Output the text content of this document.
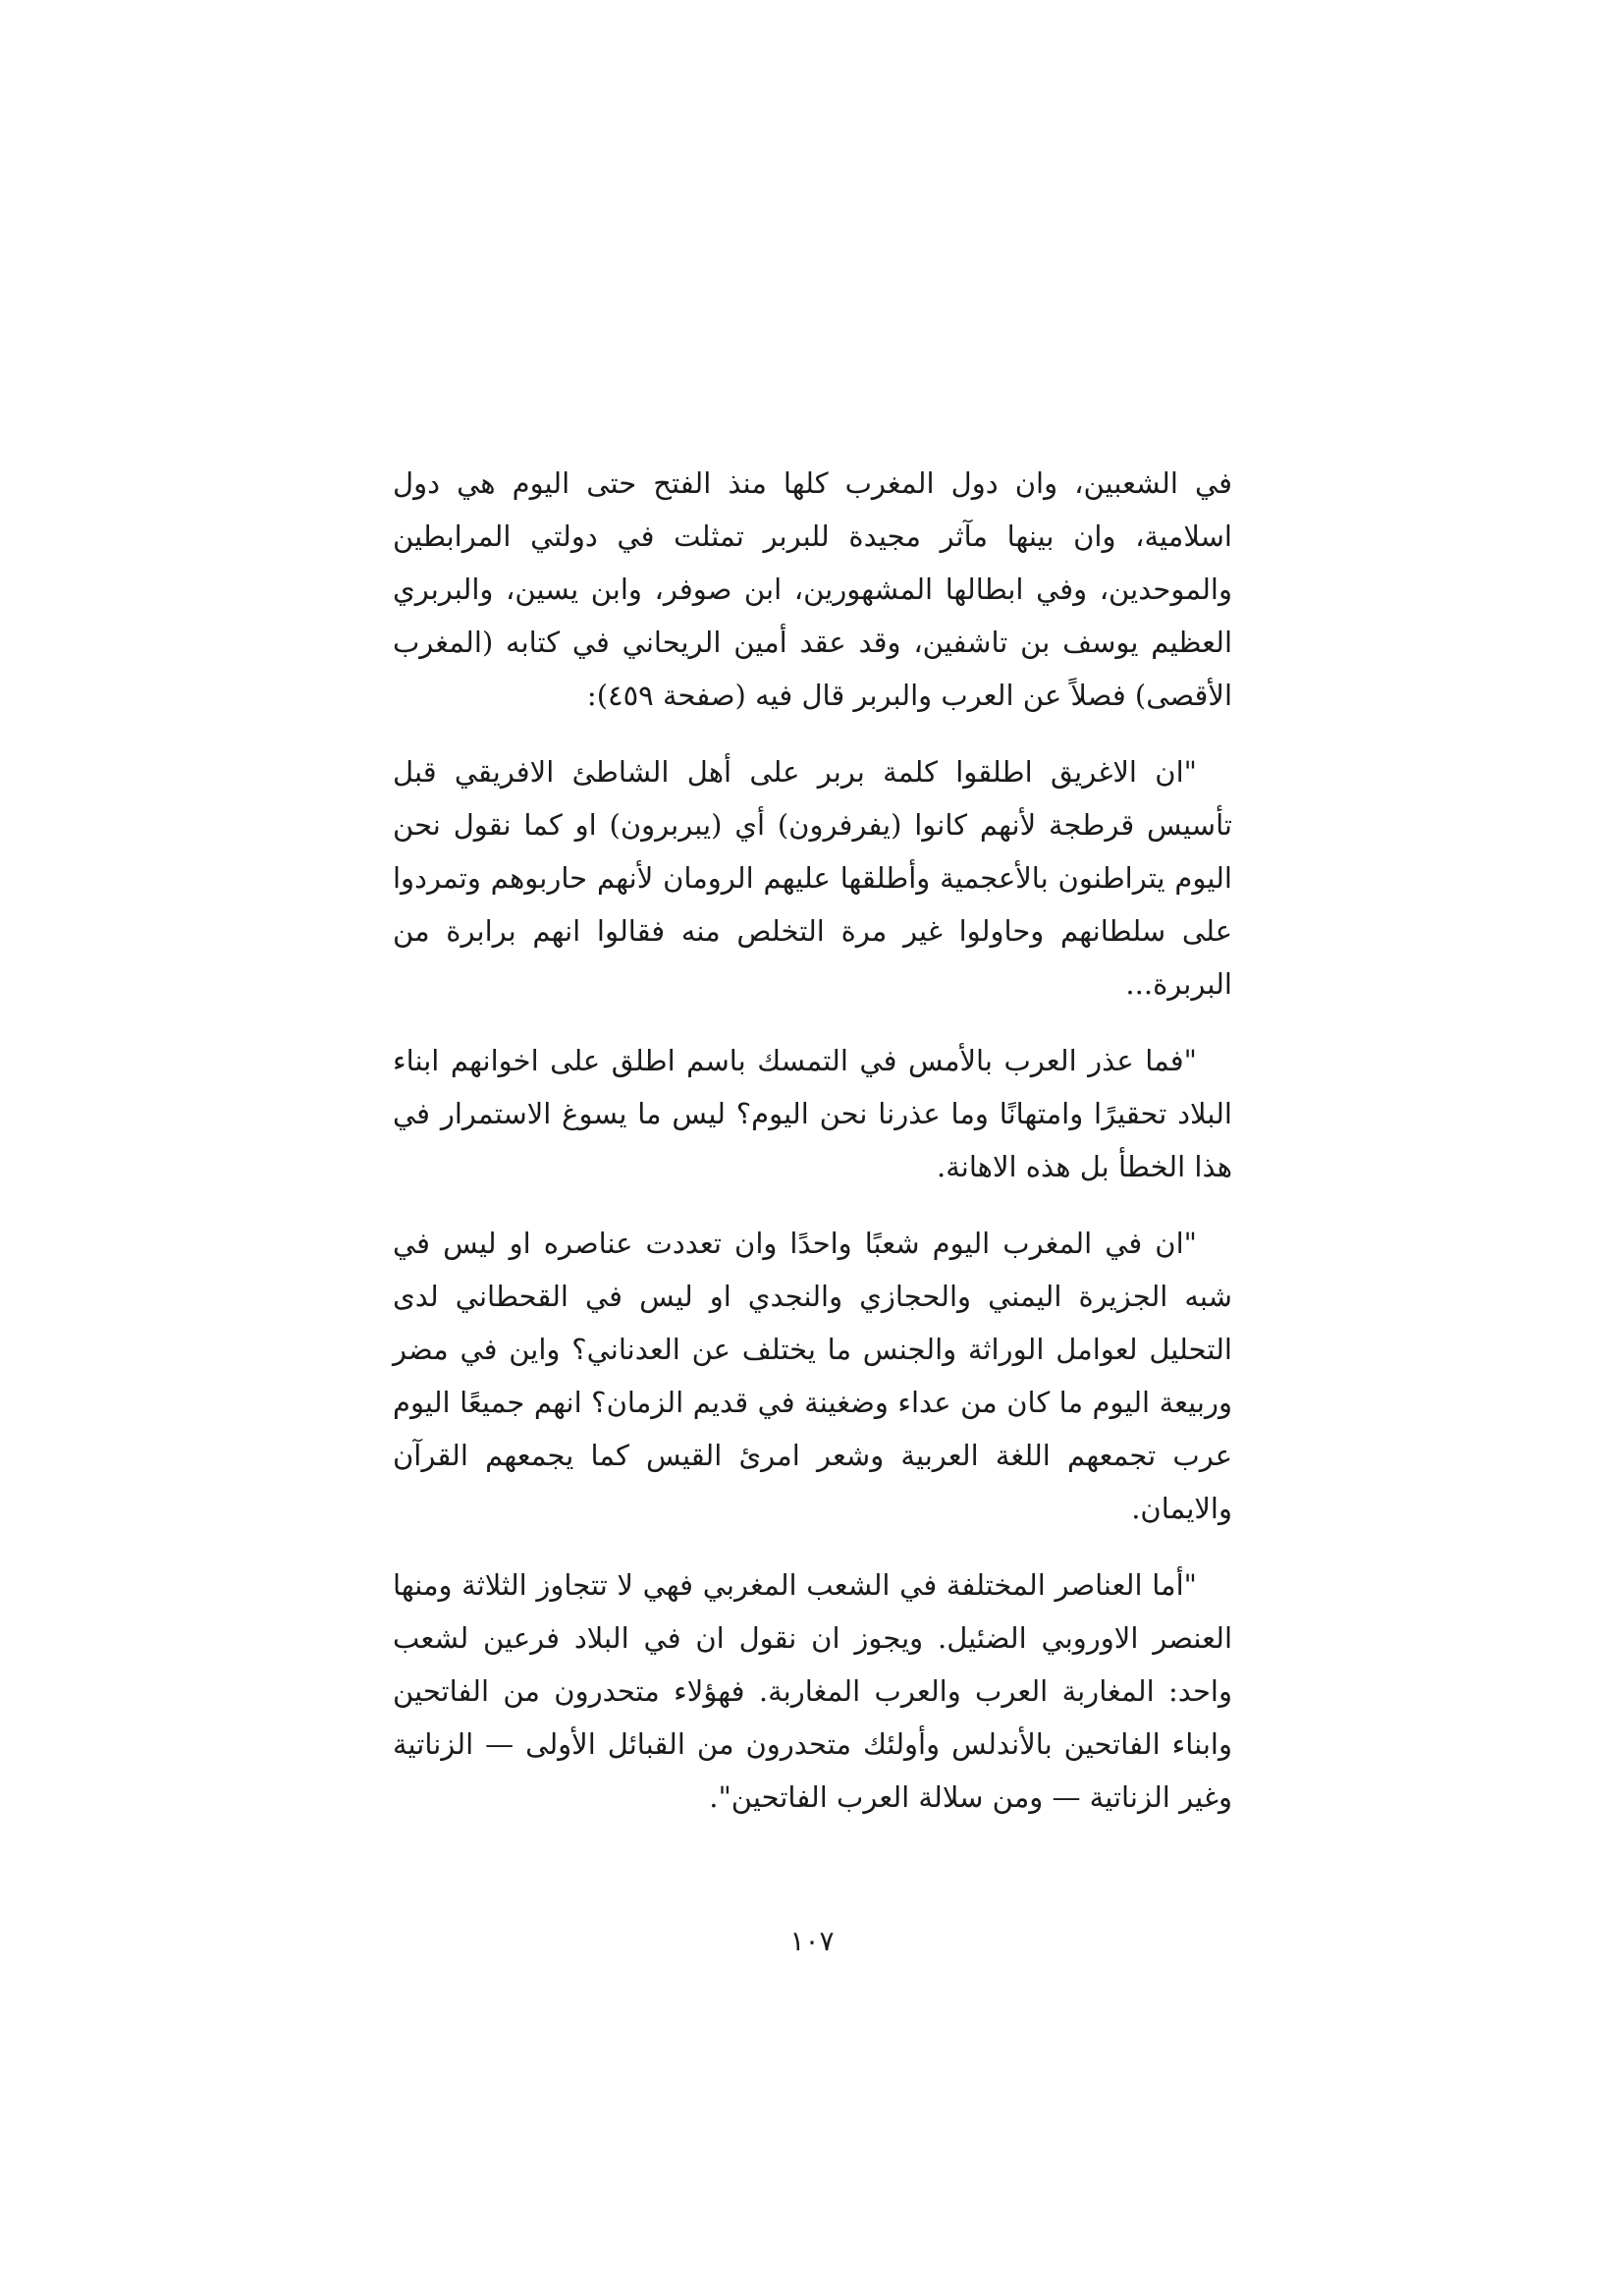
في الشعبين، وان دول المغرب كلها منذ الفتح حتى اليوم هي دول اسلامية، وان بينها مآثر مجيدة للبربر تمثلت في دولتي المرابطين والموحدين، وفي ابطالها المشهورين، ابن صوفر، وابن يسين، والبربري العظيم يوسف بن تاشفين، وقد عقد أمين الريحاني في كتابه (المغرب الأقصى) فصلاً عن العرب والبربر قال فيه (صفحة ٤٥٩):

"ان الاغريق اطلقوا كلمة بربر على أهل الشاطئ الافريقي قبل تأسيس قرطجة لأنهم كانوا (يفرفرون) أي (يبربرون) او كما نقول نحن اليوم يتراطنون بالأعجمية وأطلقها عليهم الرومان لأنهم حاربوهم وتمردوا على سلطانهم وحاولوا غير مرة التخلص منه فقالوا انهم برابرة من البربرة...

"فما عذر العرب بالأمس في التمسك باسم اطلق على اخوانهم ابناء البلاد تحقيرًا وامتهانًا وما عذرنا نحن اليوم؟ ليس ما يسوغ الاستمرار في هذا الخطأ بل هذه الاهانة.

"ان في المغرب اليوم شعبًا واحدًا وان تعددت عناصره او ليس في شبه الجزيرة اليمني والحجازي والنجدي او ليس في القحطاني لدى التحليل لعوامل الوراثة والجنس ما يختلف عن العدناني؟ واين في مضر وربيعة اليوم ما كان من عداء وضغينة في قديم الزمان؟ انهم جميعًا اليوم عرب تجمعهم اللغة العربية وشعر امرئ القيس كما يجمعهم القرآن والايمان.

"أما العناصر المختلفة في الشعب المغربي فهي لا تتجاوز الثلاثة ومنها العنصر الاوروبي الضئيل. ويجوز ان نقول ان في البلاد فرعين لشعب واحد: المغاربة العرب والعرب المغاربة. فهؤلاء متحدرون من الفاتحين وابناء الفاتحين بالأندلس وأولئك متحدرون من القبائل الأولى — الزناتية وغير الزناتية — ومن سلالة العرب الفاتحين".

١٠٧
